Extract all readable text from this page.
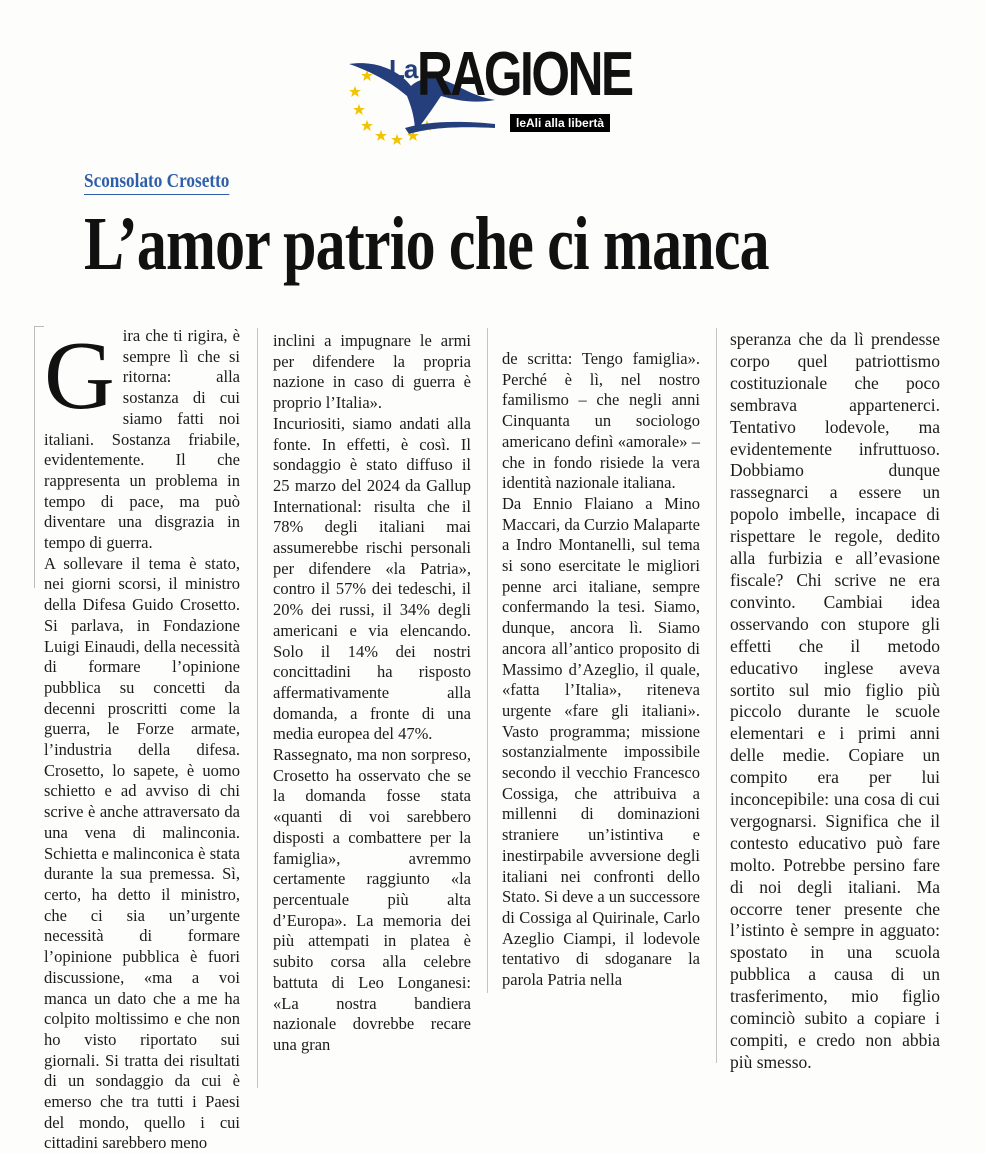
La RAGIONE
leAli alla libertà
Sconsolato Crosetto
L’amor patrio che ci manca
G ira che ti rigira, è sempre lì che si ritorna: alla sostanza di cui siamo fatti noi italiani. Sostanza friabile, evidentemente. Il che rappresenta un problema in tempo di pace, ma può diventare una disgrazia in tempo di guerra.

A sollevare il tema è stato, nei giorni scorsi, il ministro della Difesa Guido Crosetto. Si parlava, in Fondazione Luigi Einaudi, della necessità di formare l’opinione pubblica su concetti da decenni proscritti come la guerra, le Forze armate, l’industria della difesa. Crosetto, lo sapete, è uomo schietto e ad avviso di chi scrive è anche attraversato da una vena di malinconia. Schietta e malinconica è stata durante la sua premessa. Sì, certo, ha detto il ministro, che ci sia un’urgente necessità di formare l’opinione pubblica è fuori discussione, «ma a voi manca un dato che a me ha colpito moltissimo e che non ho visto riportato sui giornali. Si tratta dei risultati di un sondaggio da cui è emerso che tra tutti i Paesi del mondo, quello i cui cittadini sarebbero meno

inclini a impugnare le armi per difendere la propria nazione in caso di guerra è proprio l’Italia».

Incuriositi, siamo andati alla fonte. In effetti, è così. Il sondaggio è stato diffuso il 25 marzo del 2024 da Gallup International: risulta che il 78% degli italiani mai assumerebbe rischi personali per difendere «la Patria», contro il 57% dei tedeschi, il 20% dei russi, il 34% degli americani e via elencando. Solo il 14% dei nostri concittadini ha risposto affermativamente alla domanda, a fronte di una media europea del 47%.

Rassegnato, ma non sorpreso, Crosetto ha osservato che se la domanda fosse stata «quanti di voi sarebbero disposti a combattere per la famiglia», avremmo certamente raggiunto «la percentuale più alta d’Europa». La memoria dei più attempati in platea è subito corsa alla celebre battuta di Leo Longanesi: «La nostra bandiera nazionale dovrebbe recare una gran

de scritta: Tengo famiglia». Perché è lì, nel nostro familismo – che negli anni Cinquanta un sociologo americano definì «amorale» – che in fondo risiede la vera identità nazionale italiana.

Da Ennio Flaiano a Mino Maccari, da Curzio Malaparte a Indro Montanelli, sul tema si sono esercitate le migliori penne arci italiane, sempre confermando la tesi. Siamo, dunque, ancora lì. Siamo ancora all’antico proposito di Massimo d’Azeglio, il quale, «fatta l’Italia», riteneva urgente «fare gli italiani». Vasto programma; missione sostanzialmente impossibile secondo il vecchio Francesco Cossiga, che attribuiva a millenni di dominazioni straniere un’istintiva e inestirpabile avversione degli italiani nei confronti dello Stato. Si deve a un successore di Cossiga al Quirinale, Carlo Azeglio Ciampi, il lodevole tentativo di sdoganare la parola Patria nella

speranza che da lì prendesse corpo quel patriottismo costituzionale che poco sembrava appartenerci. Tentativo lodevole, ma evidentemente infruttuoso. Dobbiamo dunque rassegnarci a essere un popolo imbelle, incapace di rispettare le regole, dedito alla furbizia e all’evasione fiscale? Chi scrive ne era convinto. Cambiai idea osservando con stupore gli effetti che il metodo educativo inglese aveva sortito sul mio figlio più piccolo durante le scuole elementari e i primi anni delle medie. Copiare un compito era per lui inconcepibile: una cosa di cui vergognarsi. Significa che il contesto educativo può fare molto. Potrebbe persino fare di noi degli italiani. Ma occorre tener presente che l’istinto è sempre in agguato: spostato in una scuola pubblica a causa di un trasferimento, mio figlio cominciò subito a copiare i compiti, e credo non abbia più smesso.
